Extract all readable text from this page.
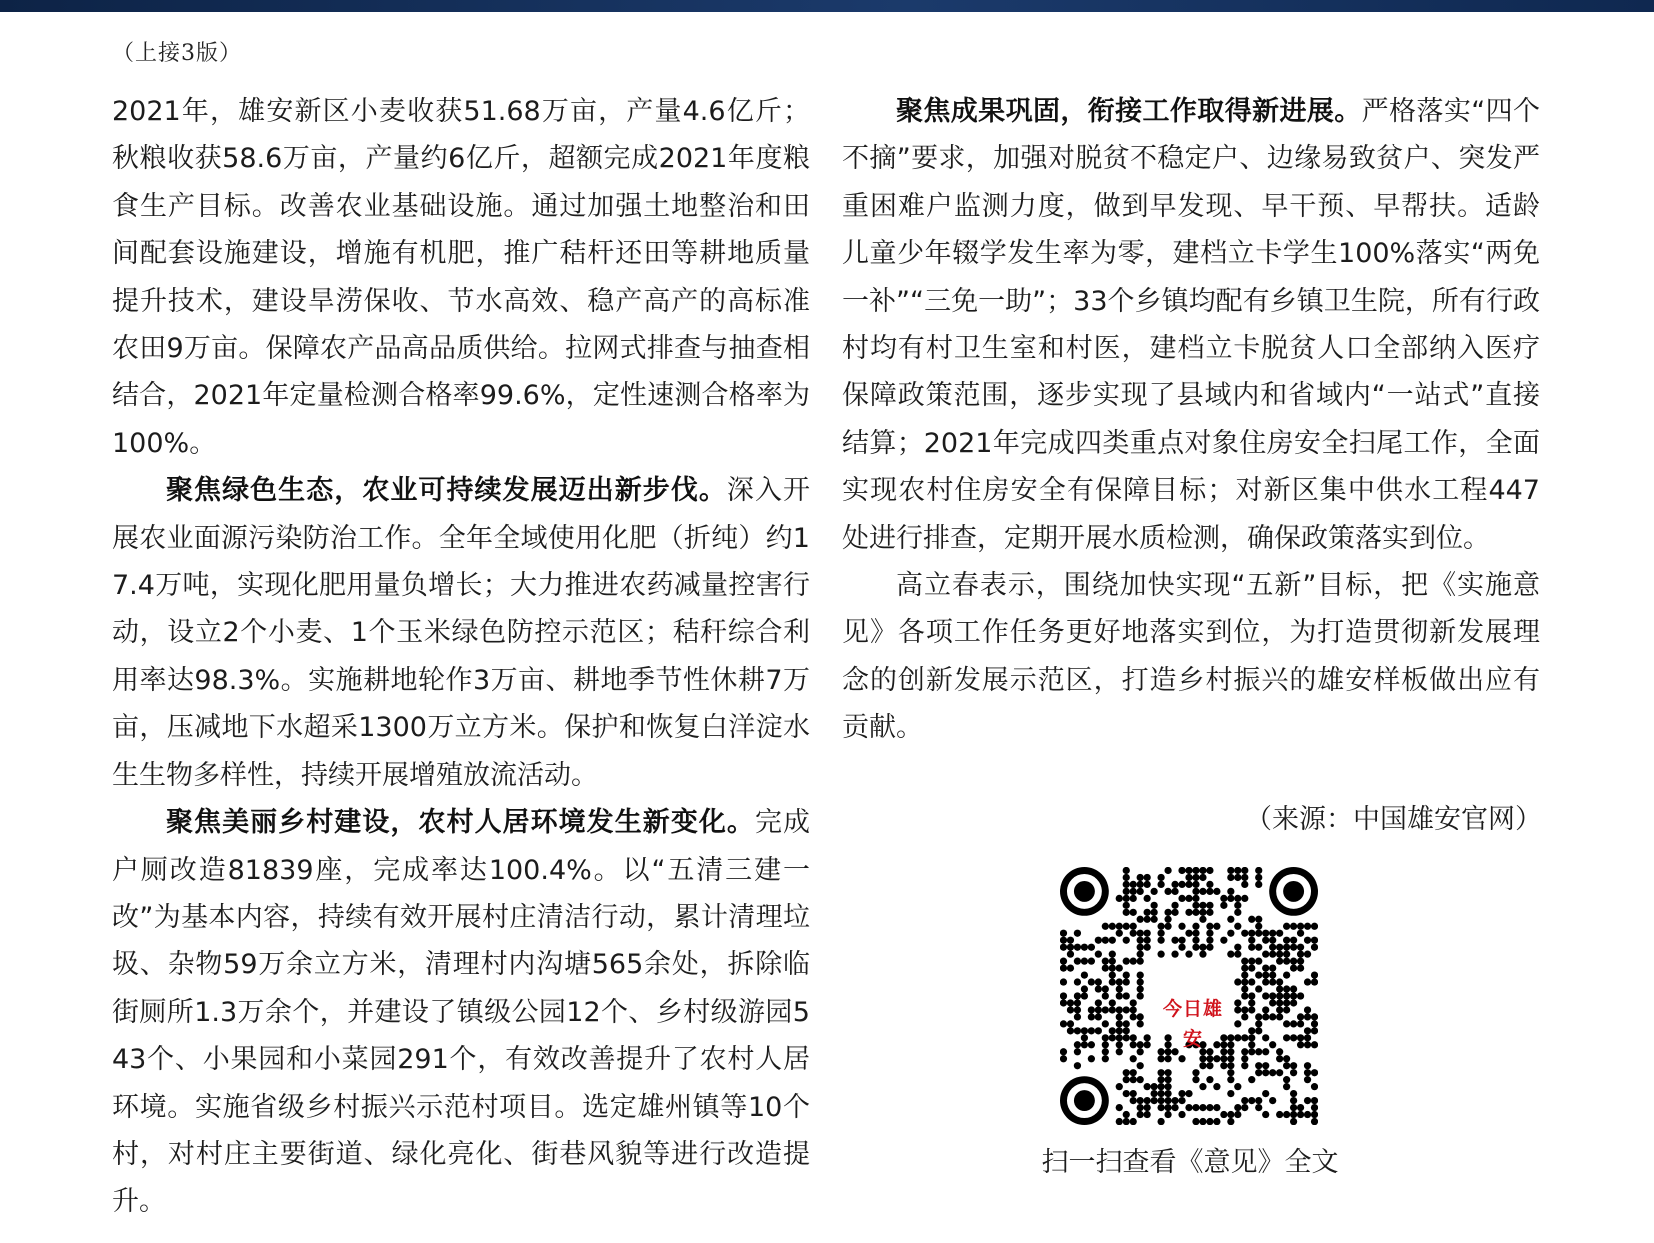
（上接3版）

2021年，雄安新区小麦收获51.68万亩，产量4.6亿斤；秋粮收获58.6万亩，产量约6亿斤，超额完成2021年度粮食生产目标。改善农业基础设施。通过加强土地整治和田间配套设施建设，增施有机肥，推广秸杆还田等耕地质量提升技术，建设旱涝保收、节水高效、稳产高产的高标准农田9万亩。保障农产品高品质供给。拉网式排查与抽查相结合，2021年定量检测合格率99.6%，定性速测合格率为100%。

聚焦绿色生态，农业可持续发展迈出新步伐。深入开展农业面源污染防治工作。全年全域使用化肥（折纯）约17.4万吨，实现化肥用量负增长；大力推进农药减量控害行动，设立2个小麦、1个玉米绿色防控示范区；秸秆综合利用率达98.3%。实施耕地轮作3万亩、耕地季节性休耕7万亩，压减地下水超采1300万立方米。保护和恢复白洋淀水生生物多样性，持续开展增殖放流活动。

聚焦美丽乡村建设，农村人居环境发生新变化。完成户厕改造81839座，完成率达100.4%。以“五清三建一改”为基本内容，持续有效开展村庄清洁行动，累计清理垃圾、杂物59万余立方米，清理村内沟塘565余处，拆除临街厕所1.3万余个，并建设了镇级公园12个、乡村级游园543个、小果园和小菜园291个，有效改善提升了农村人居环境。实施省级乡村振兴示范村项目。选定雄州镇等10个村，对村庄主要街道、绿化亮化、街巷风貌等进行改造提升。

聚焦成果巩固，衔接工作取得新进展。严格落实“四个不摘”要求，加强对脱贫不稳定户、边缘易致贫户、突发严重困难户监测力度，做到早发现、早干预、早帮扶。适龄儿童少年辍学发生率为零，建档立卡学生100%落实“两免一补”“三免一助”；33个乡镇均配有乡镇卫生院，所有行政村均有村卫生室和村医，建档立卡脱贫人口全部纳入医疗保障政策范围，逐步实现了县域内和省域内“一站式”直接结算；2021年完成四类重点对象住房安全扫尾工作，全面实现农村住房安全有保障目标；对新区集中供水工程447处进行排查，定期开展水质检测，确保政策落实到位。

高立春表示，围绕加快实现“五新”目标，把《实施意见》各项工作任务更好地落实到位，为打造贯彻新发展理念的创新发展示范区，打造乡村振兴的雄安样板做出应有贡献。

（来源：中国雄安官网）
今日雄安
扫一扫查看《意见》全文
